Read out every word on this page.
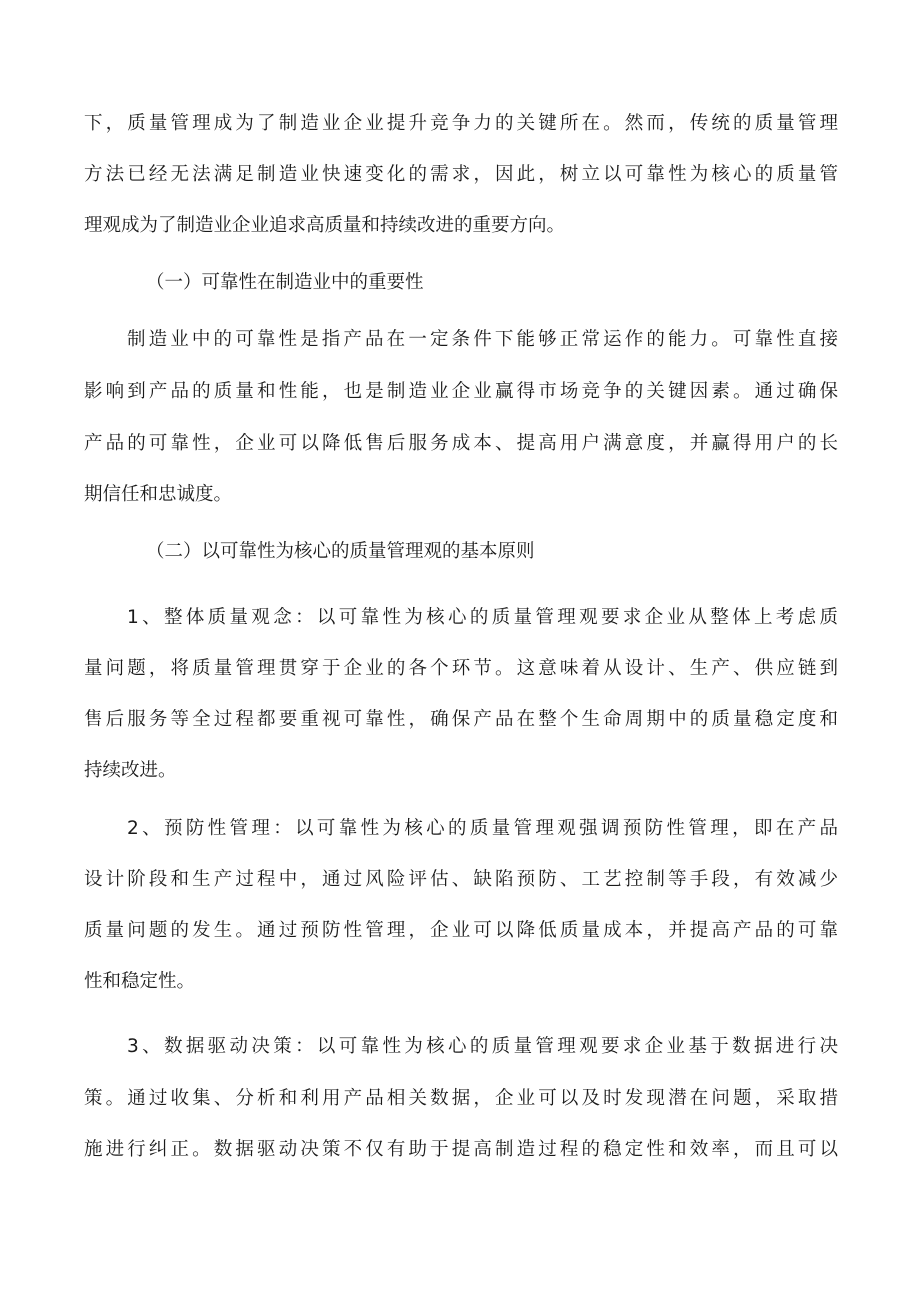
下，质量管理成为了制造业企业提升竞争力的关键所在。然而，传统的质量管理
方法已经无法满足制造业快速变化的需求，因此，树立以可靠性为核心的质量管
理观成为了制造业企业追求高质量和持续改进的重要方向。
（一）可靠性在制造业中的重要性
制造业中的可靠性是指产品在一定条件下能够正常运作的能力。可靠性直接
影响到产品的质量和性能，也是制造业企业赢得市场竞争的关键因素。通过确保
产品的可靠性，企业可以降低售后服务成本、提高用户满意度，并赢得用户的长
期信任和忠诚度。
（二）以可靠性为核心的质量管理观的基本原则
1、整体质量观念：以可靠性为核心的质量管理观要求企业从整体上考虑质
量问题，将质量管理贯穿于企业的各个环节。这意味着从设计、生产、供应链到
售后服务等全过程都要重视可靠性，确保产品在整个生命周期中的质量稳定度和
持续改进。
2、预防性管理：以可靠性为核心的质量管理观强调预防性管理，即在产品
设计阶段和生产过程中，通过风险评估、缺陷预防、工艺控制等手段，有效减少
质量问题的发生。通过预防性管理，企业可以降低质量成本，并提高产品的可靠
性和稳定性。
3、数据驱动决策：以可靠性为核心的质量管理观要求企业基于数据进行决
策。通过收集、分析和利用产品相关数据，企业可以及时发现潜在问题，采取措
施进行纠正。数据驱动决策不仅有助于提高制造过程的稳定性和效率，而且可以
